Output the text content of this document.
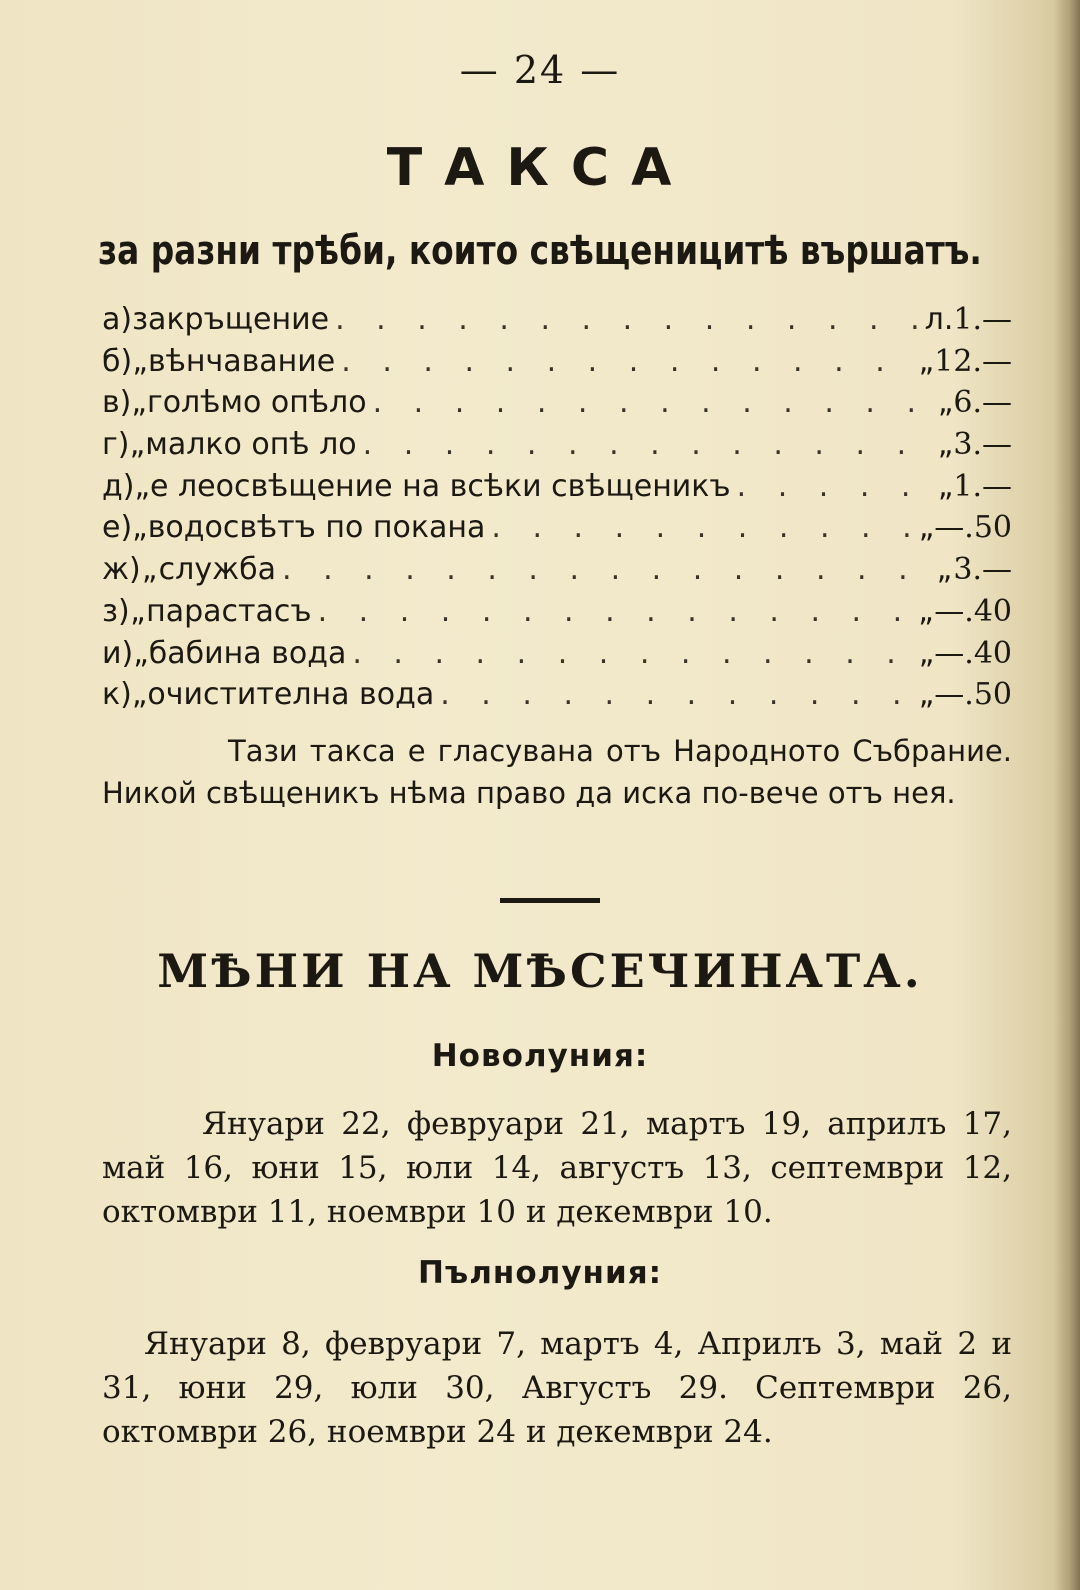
— 24 —
ТАКСА
за разни трѣби, които свѣщеницитѣ вършатъ.
а) за кръщение . . .	л. 1.—
б) „ вѣнчавание . . .	„ 12.—
в) „ голѣмо опѣло . . .	„ 6.—
г) „ малко опѣ ло . . .	„ 3.—
д) „ е леосвѣщение на всѣки свѣщеникъ . . .	„ 1.—
е) „ водосвѣтъ по покана . . .	„ —.50
ж) „ служба . . .	„ 3.—
з) „ парастасъ . . .	„ —.40
и) „ бабина вода . . .	„ —.40
к) „ очистителна вода . . .	„ —.50
Тази такса е гласувана отъ Народното Събрание. Никой свѣщеникъ нѣма право да иска по-вече отъ нея.
МѢНИ НА МѢСЕЧИНАТА.
Новолуния:
Януари 22, февруари 21, мартъ 19, априлъ 17, май 16, юни 15, юли 14, августъ 13, септември 12, октомври 11, ноември 10 и декември 10.
Пълнолуния:
Януари 8, февруари 7, мартъ 4, Априлъ 3, май 2 и 31, юни 29, юли 30, Августъ 29. Септември 26, октомври 26, ноември 24 и декември 24.
